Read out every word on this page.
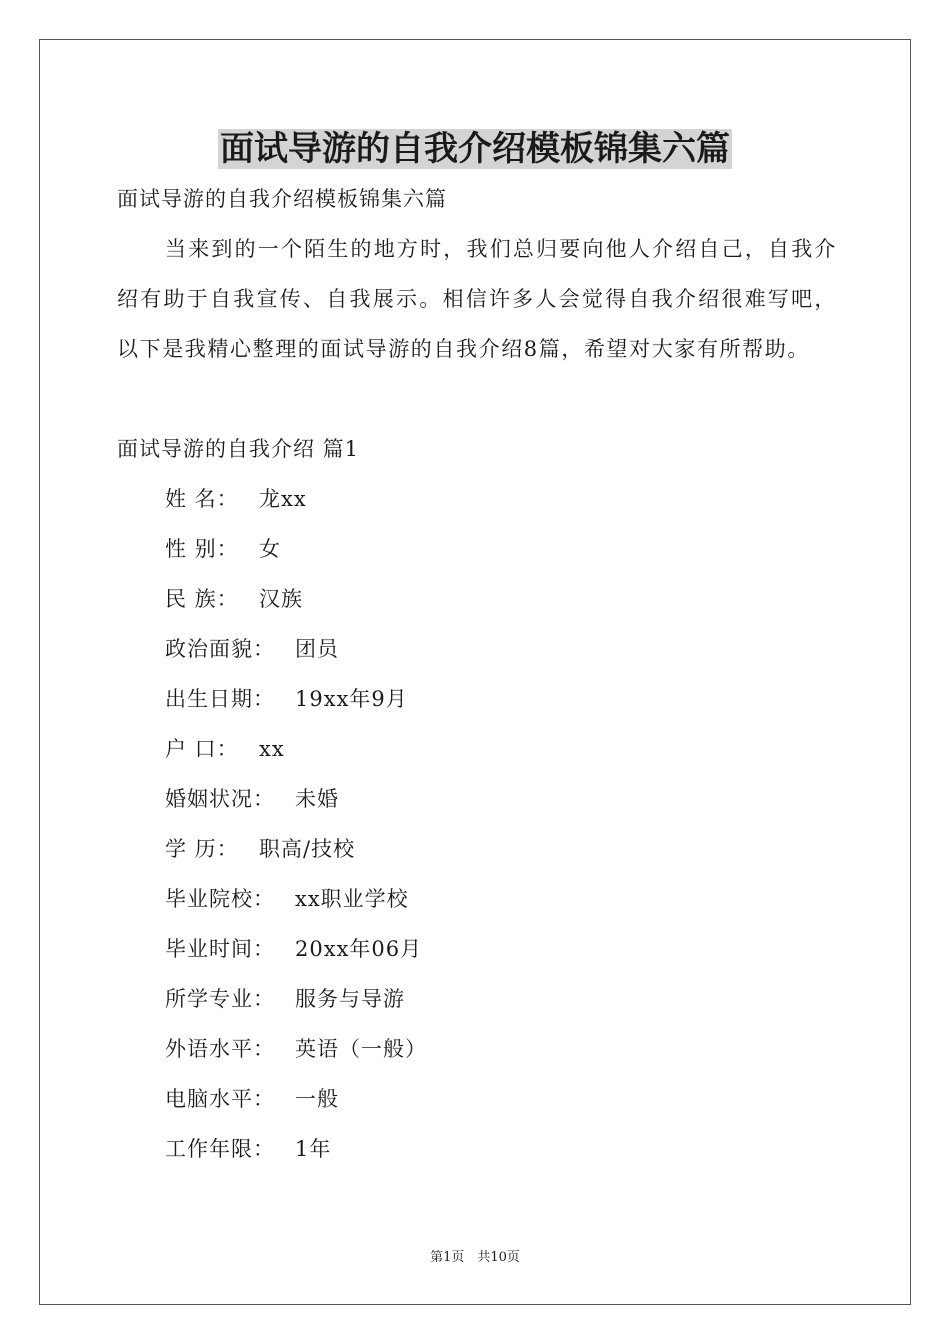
面试导游的自我介绍模板锦集六篇

面试导游的自我介绍模板锦集六篇

当来到的一个陌生的地方时，我们总归要向他人介绍自己，自我介绍有助于自我宣传、自我展示。相信许多人会觉得自我介绍很难写吧，以下是我精心整理的面试导游的自我介绍8篇，希望对大家有所帮助。

面试导游的自我介绍 篇1

姓 名： 龙xx
性 别： 女
民 族： 汉族
政治面貌： 团员
出生日期： 19xx年9月
户 口： xx
婚姻状况： 未婚
学 历： 职高/技校
毕业院校： xx职业学校
毕业时间： 20xx年06月
所学专业： 服务与导游
外语水平： 英语（一般）
电脑水平： 一般
工作年限： 1年
第1页　共10页
